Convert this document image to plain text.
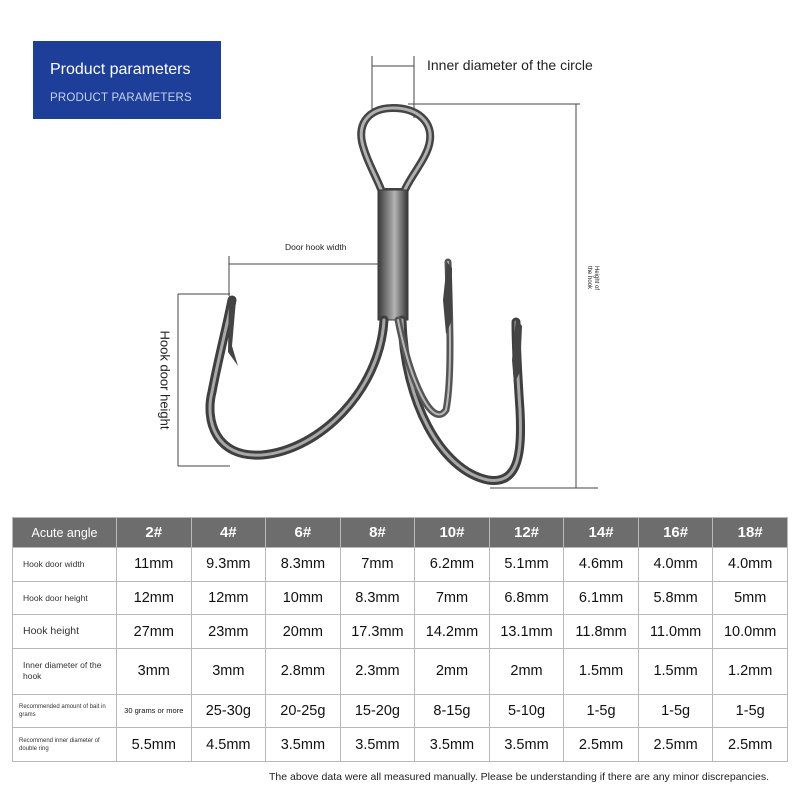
Product parameters
PRODUCT PARAMETERS
Inner diameter of the circle
Door hook width
Hook door height
Height of the hook
Acute angle	2#	4#	6#	8#	10#	12#	14#	16#	18#
Hook door width	11mm	9.3mm	8.3mm	7mm	6.2mm	5.1mm	4.6mm	4.0mm	4.0mm
Hook door height	12mm	12mm	10mm	8.3mm	7mm	6.8mm	6.1mm	5.8mm	5mm
Hook height	27mm	23mm	20mm	17.3mm	14.2mm	13.1mm	11.8mm	11.0mm	10.0mm
Inner diameter of the hook	3mm	3mm	2.8mm	2.3mm	2mm	2mm	1.5mm	1.5mm	1.2mm
Recommended amount of bait in grams	30 grams or more	25-30g	20-25g	15-20g	8-15g	5-10g	1-5g	1-5g	1-5g
Recommend inner diameter of double ring	5.5mm	4.5mm	3.5mm	3.5mm	3.5mm	3.5mm	2.5mm	2.5mm	2.5mm
The above data were all measured manually. Please be understanding if there are any minor discrepancies.
